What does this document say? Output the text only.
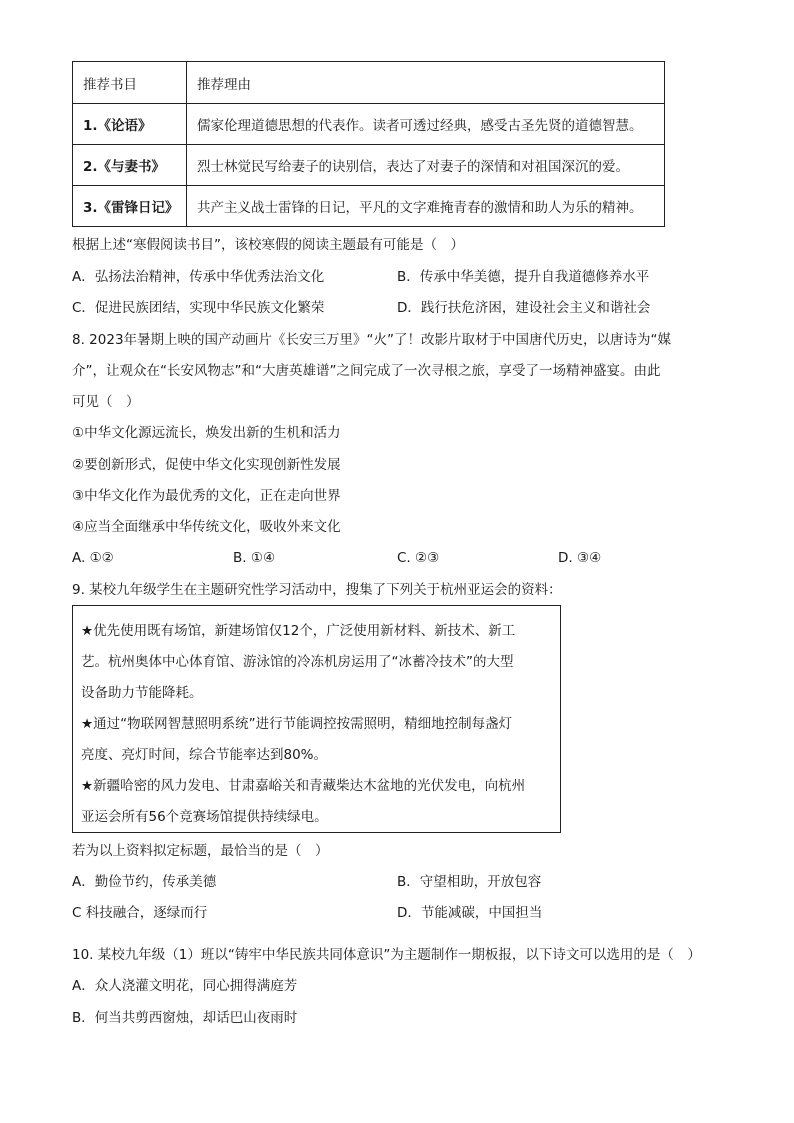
推荐书目	推荐理由
1.《论语》	儒家伦理道德思想的代表作。读者可透过经典，感受古圣先贤的道德智慧。
2.《与妻书》	烈士林觉民写给妻子的诀别信，表达了对妻子的深情和对祖国深沉的爱。
3.《雷锋日记》	共产主义战士雷锋的日记，平凡的文字难掩青春的激情和助人为乐的精神。
根据上述“寒假阅读书目”，该校寒假的阅读主题最有可能是（　）
A．弘扬法治精神，传承中华优秀法治文化	B．传承中华美德，提升自我道德修养水平
C．促进民族团结，实现中华民族文化繁荣	D．践行扶危济困，建设社会主义和谐社会
8. 2023年暑期上映的国产动画片《长安三万里》“火”了！改影片取材于中国唐代历史，以唐诗为“媒
介”，让观众在“长安风物志”和“大唐英雄谱”之间完成了一次寻根之旅，享受了一场精神盛宴。由此
可见（　）
①中华文化源远流长，焕发出新的生机和活力
②要创新形式，促使中华文化实现创新性发展
③中华文化作为最优秀的文化，正在走向世界
④应当全面继承中华传统文化，吸收外来文化
A. ①②	B. ①④	C. ②③	D. ③④
9. 某校九年级学生在主题研究性学习活动中，搜集了下列关于杭州亚运会的资料：
★优先使用既有场馆，新建场馆仅12个，广泛使用新材料、新技术、新工
艺。杭州奥体中心体育馆、游泳馆的冷冻机房运用了“冰蓄冷技术”的大型
设备助力节能降耗。
★通过“物联网智慧照明系统”进行节能调控按需照明，精细地控制每盏灯
亮度、亮灯时间，综合节能率达到80%。
★新疆哈密的风力发电、甘肃嘉峪关和青藏柴达木盆地的光伏发电，向杭州
亚运会所有56个竞赛场馆提供持续绿电。
若为以上资料拟定标题，最恰当的是（　）
A．勤俭节约，传承美德	B．守望相助，开放包容
C 科技融合，逐绿而行	D．节能减碳，中国担当
10. 某校九年级（1）班以“铸牢中华民族共同体意识”为主题制作一期板报，以下诗文可以选用的是（　）
A．众人浇灌文明花，同心拥得满庭芳
B．何当共剪西窗烛，却话巴山夜雨时
